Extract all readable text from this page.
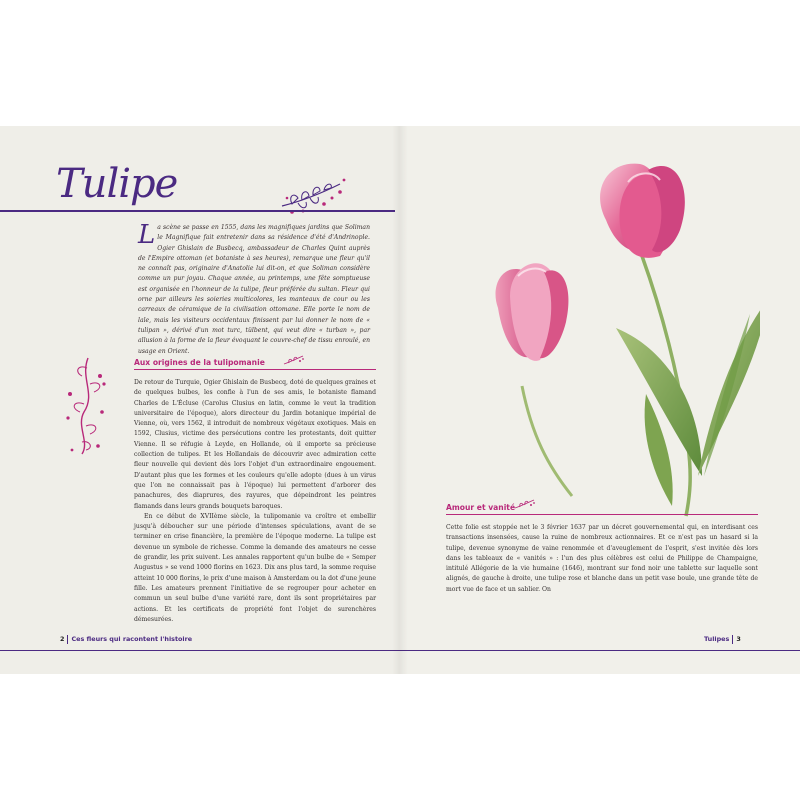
Tulipe

La scène se passe en 1555, dans les magnifiques jardins que Soliman le Magnifique fait entretenir dans sa résidence d'été d'Andrinople. Ogier Ghislain de Busbecq, ambassadeur de Charles Quint auprès de l'Empire ottoman (et botaniste à ses heures), remarque une fleur qu'il ne connaît pas, originaire d'Anatolie lui dit-on, et que Soliman considère comme un pur joyau. Chaque année, au printemps, une fête somptueuse est organisée en l'honneur de la tulipe, fleur préférée du sultan. Fleur qui orne par ailleurs les soieries multicolores, les manteaux de cour ou les carreaux de céramique de la civilisation ottomane. Elle porte le nom de lale, mais les visiteurs occidentaux finissent par lui donner le nom de « tulipan », dérivé d'un mot turc, tülbent, qui veut dire « turban », par allusion à la forme de la fleur évoquant le couvre-chef de tissu enroulé, en usage en Orient.

Aux origines de la tulipomanie

De retour de Turquie, Ogier Ghislain de Busbecq, doté de quelques graines et de quelques bulbes, les confie à l'un de ses amis, le botaniste flamand Charles de L'Écluse (Carolus Clusius en latin, comme le veut la tradition universitaire de l'époque), alors directeur du Jardin botanique impérial de Vienne, où, vers 1562, il introduit de nombreux végétaux exotiques. Mais en 1592, Clusius, victime des persécutions contre les protestants, doit quitter Vienne. Il se réfugie à Leyde, en Hollande, où il emporte sa précieuse collection de tulipes. Et les Hollandais de découvrir avec admiration cette fleur nouvelle qui devient dès lors l'objet d'un extraordinaire engouement. D'autant plus que les formes et les couleurs qu'elle adopte (dues à un virus que l'on ne connaissait pas à l'époque) lui permettent d'arborer des panachures, des diaprures, des rayures, que dépeindront les peintres flamands dans leurs grands bouquets baroques.

En ce début de XVIIème siècle, la tulipomanie va croître et embellir jusqu'à déboucher sur une période d'intenses spéculations, avant de se terminer en crise financière, la première de l'époque moderne. La tulipe est devenue un symbole de richesse. Comme la demande des amateurs ne cesse de grandir, les prix suivent. Les annales rapportent qu'un bulbe de « Semper Augustus » se vend 1000 florins en 1623. Dix ans plus tard, la somme requise atteint 10 000 florins, le prix d'une maison à Amsterdam ou la dot d'une jeune fille. Les amateurs prennent l'initiative de se regrouper pour acheter en commun un seul bulbe d'une variété rare, dont ils sont propriétaires par actions. Et les certificats de propriété font l'objet de surenchères démesurées.

2 Ces fleurs qui racontent l'histoire
Amour et vanité

Cette folie est stoppée net le 3 février 1637 par un décret gouvernemental qui, en interdisant ces transactions insensées, cause la ruine de nombreux actionnaires. Et ce n'est pas un hasard si la tulipe, devenue synonyme de vaine renommée et d'aveuglement de l'esprit, s'est invitée dès lors dans les tableaux de « vanités » : l'un des plus célèbres est celui de Philippe de Champaigne, intitulé Allégorie de la vie humaine (1646), montrant sur fond noir une tablette sur laquelle sont alignés, de gauche à droite, une tulipe rose et blanche dans un petit vase boule, une grande tête de mort vue de face et un sablier. On

Tulipes 3
